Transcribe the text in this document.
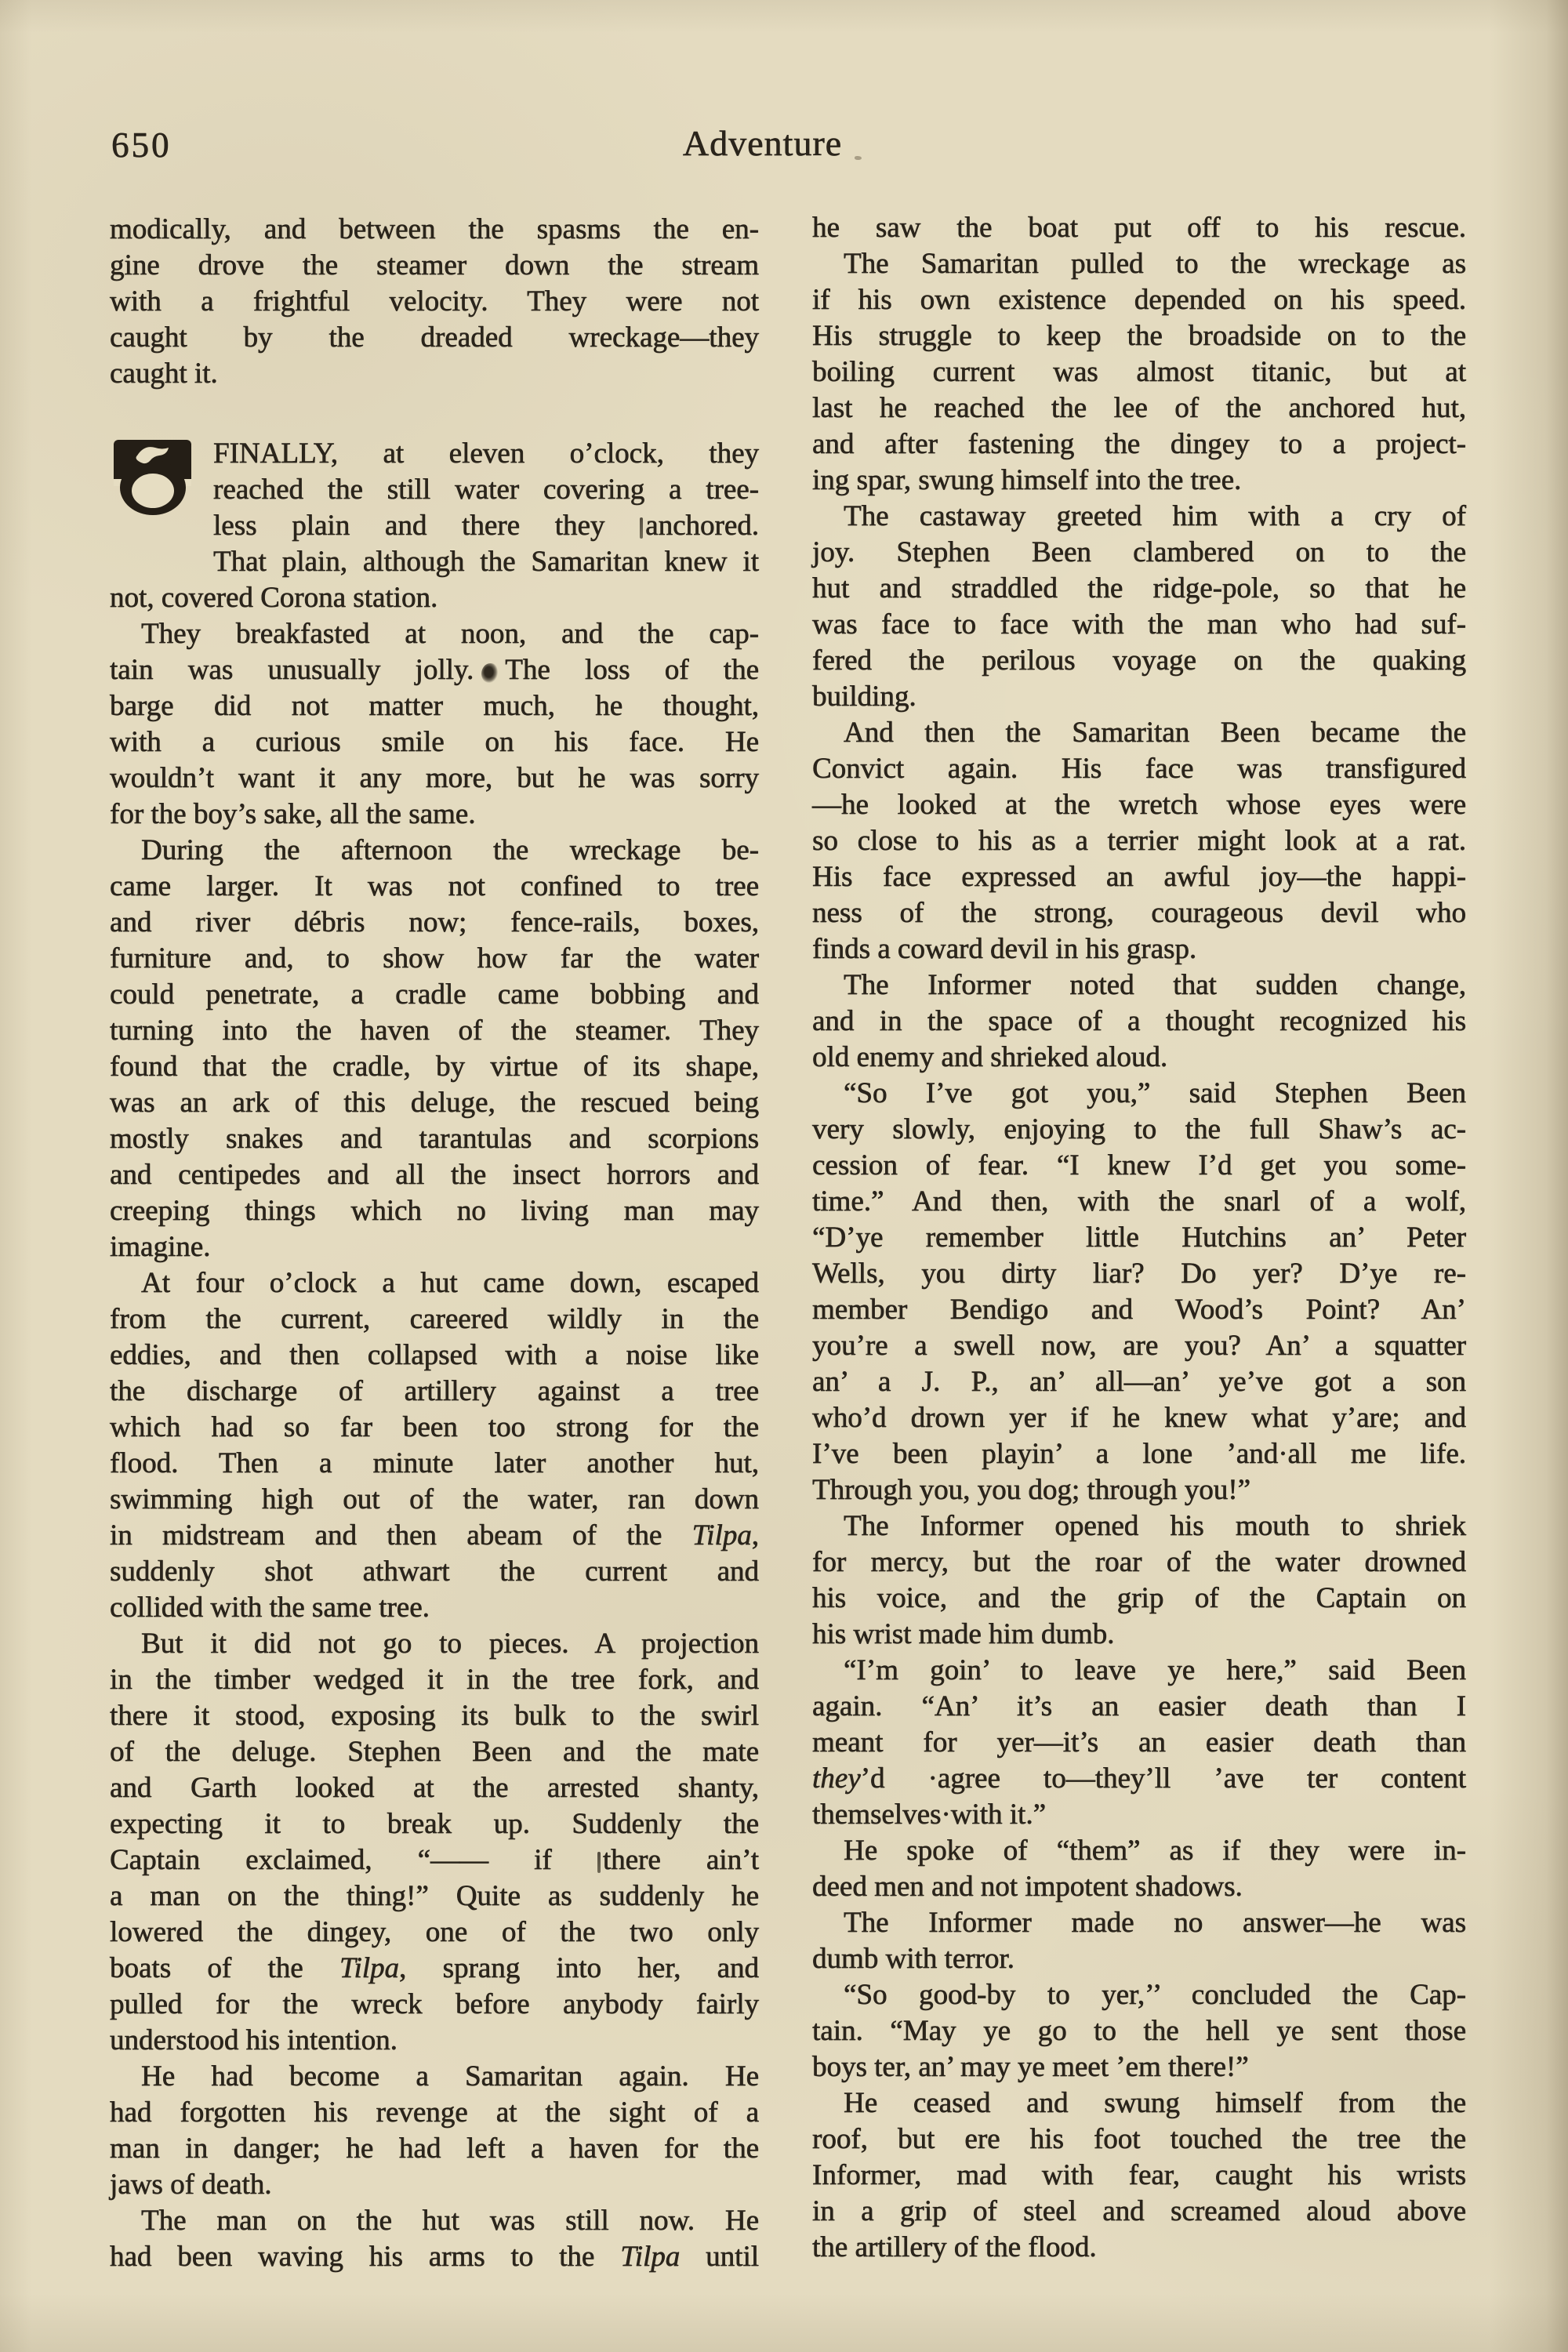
650	Adventure
modically, and between the spasms the en-
gine drove the steamer down the stream
with a frightful velocity. They were not
caught by the dreaded wreckage—they
caught it.
FINALLY, at eleven o’clock, they
reached the still water covering a tree-
less plain and there they anchored.
That plain, although the Samaritan knew it
not, covered Corona station.
They breakfasted at noon, and the cap-
tain was unusually jolly. The loss of the
barge did not matter much, he thought,
with a curious smile on his face. He
wouldn’t want it any more, but he was sorry
for the boy’s sake, all the same.
During the afternoon the wreckage be-
came larger. It was not confined to tree
and river débris now; fence-rails, boxes,
furniture and, to show how far the water
could penetrate, a cradle came bobbing and
turning into the haven of the steamer. They
found that the cradle, by virtue of its shape,
was an ark of this deluge, the rescued being
mostly snakes and tarantulas and scorpions
and centipedes and all the insect horrors and
creeping things which no living man may
imagine.
At four o’clock a hut came down, escaped
from the current, careered wildly in the
eddies, and then collapsed with a noise like
the discharge of artillery against a tree
which had so far been too strong for the
flood. Then a minute later another hut,
swimming high out of the water, ran down
in midstream and then abeam of the Tilpa,
suddenly shot athwart the current and
collided with the same tree.
But it did not go to pieces. A projection
in the timber wedged it in the tree fork, and
there it stood, exposing its bulk to the swirl
of the deluge. Stephen Been and the mate
and Garth looked at the arrested shanty,
expecting it to break up. Suddenly the
Captain exclaimed, “—— if there ain’t
a man on the thing!” Quite as suddenly he
lowered the dingey, one of the two only
boats of the Tilpa, sprang into her, and
pulled for the wreck before anybody fairly
understood his intention.
He had become a Samaritan again. He
had forgotten his revenge at the sight of a
man in danger; he had left a haven for the
jaws of death.
The man on the hut was still now. He
had been waving his arms to the Tilpa until
he saw the boat put off to his rescue.
The Samaritan pulled to the wreckage as
if his own existence depended on his speed.
His struggle to keep the broadside on to the
boiling current was almost titanic, but at
last he reached the lee of the anchored hut,
and after fastening the dingey to a project-
ing spar, swung himself into the tree.
The castaway greeted him with a cry of
joy. Stephen Been clambered on to the
hut and straddled the ridge-pole, so that he
was face to face with the man who had suf-
fered the perilous voyage on the quaking
building.
And then the Samaritan Been became the
Convict again. His face was transfigured
—he looked at the wretch whose eyes were
so close to his as a terrier might look at a rat.
His face expressed an awful joy—the happi-
ness of the strong, courageous devil who
finds a coward devil in his grasp.
The Informer noted that sudden change,
and in the space of a thought recognized his
old enemy and shrieked aloud.
“So I’ve got you,” said Stephen Been
very slowly, enjoying to the full Shaw’s ac-
cession of fear. “I knew I’d get you some-
time.” And then, with the snarl of a wolf,
“D’ye remember little Hutchins an’ Peter
Wells, you dirty liar? Do yer? D’ye re-
member Bendigo and Wood’s Point? An’
you’re a swell now, are you? An’ a squatter
an’ a J. P., an’ all—an’ ye’ve got a son
who’d drown yer if he knew what y’are; and
I’ve been playin’ a lone ’and·all me life.
Through you, you dog; through you!”
The Informer opened his mouth to shriek
for mercy, but the roar of the water drowned
his voice, and the grip of the Captain on
his wrist made him dumb.
“I’m goin’ to leave ye here,” said Been
again. “An’ it’s an easier death than I
meant for yer—it’s an easier death than
they’d ·agree to—they’ll ’ave ter content
themselves·with it.”
He spoke of “them” as if they were in-
deed men and not impotent shadows.
The Informer made no answer—he was
dumb with terror.
“So good-by to yer,’’ concluded the Cap-
tain. “May ye go to the hell ye sent those
boys ter, an’ may ye meet ’em there!”
He ceased and swung himself from the
roof, but ere his foot touched the tree the
Informer, mad with fear, caught his wrists
in a grip of steel and screamed aloud above
the artillery of the flood.
